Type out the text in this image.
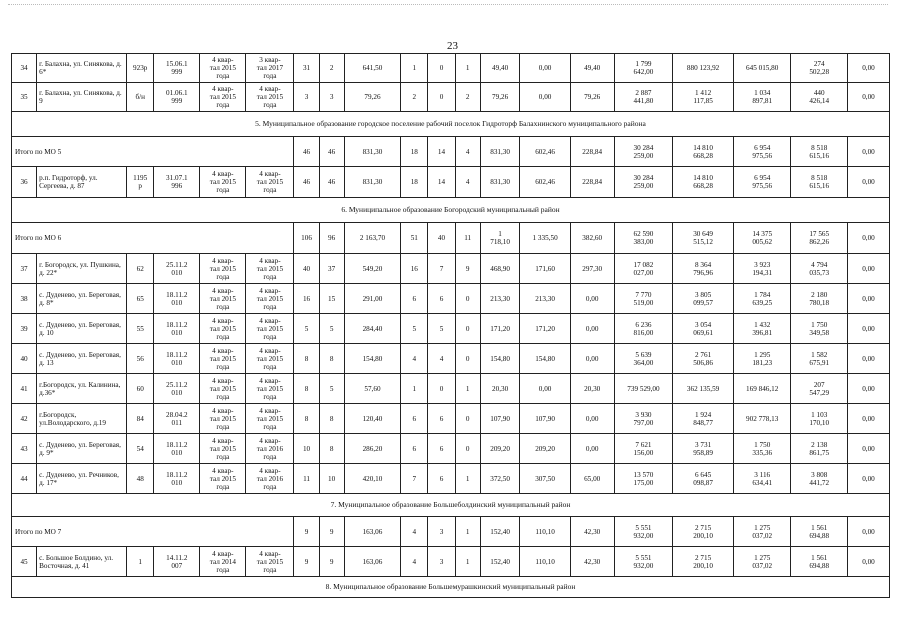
23
34	г. Балахна, ул. Синякова, д. 6*	923р	15.06.1
999	4 квар-
тал 2015
года	3 квар-
тал 2017
года	31	2	641,50	1	0	1	49,40	0,00	49,40	1 799
642,00	880 123,92	645 015,80	274
502,28	0,00
35	г. Балахна, ул. Синякова, д. 9	б/н	01.06.1
999	4 квар-
тал 2015
года	4 квар-
тал 2015
года	3	3	79,26	2	0	2	79,26	0,00	79,26	2 887
441,80	1 412
117,85	1 034
897,81	440
426,14	0,00
5. Муниципальное образование городское поселение рабочий поселок Гидроторф Балахнинского муниципального района																			
Итого по МО 5						46	46	831,30	18	14	4	831,30	602,46	228,84	30 284
259,00	14 810
668,28	6 954
975,56	8 518
615,16	0,00
36	р.п. Гидроторф, ул. Сергеева, д. 87	1195
р	31.07.1
996	4 квар-
тал 2015
года	4 квар-
тал 2015
года	46	46	831,30	18	14	4	831,30	602,46	228,84	30 284
259,00	14 810
668,28	6 954
975,56	8 518
615,16	0,00
6. Муниципальное образование Богородский муниципальный район																			
Итого по МО 6						106	96	2 163,70	51	40	11	1
718,10	1 335,50	382,60	62 590
383,00	30 649
515,12	14 375
005,62	17 565
862,26	0,00
37	г. Богородск, ул. Пушкина, д. 22*	62	25.11.2
010	4 квар-
тал 2015
года	4 квар-
тал 2015
года	40	37	549,20	16	7	9	468,90	171,60	297,30	17 082
027,00	8 364
796,96	3 923
194,31	4 794
035,73	0,00
38	с. Дуденево, ул. Береговая, д. 8*	65	18.11.2
010	4 квар-
тал 2015
года	4 квар-
тал 2015
года	16	15	291,00	6	6	0	213,30	213,30	0,00	7 770
519,00	3 805
099,57	1 784
639,25	2 180
780,18	0,00
39	с. Дуденево, ул. Береговая, д. 10	55	18.11.2
010	4 квар-
тал 2015
года	4 квар-
тал 2015
года	5	5	284,40	5	5	0	171,20	171,20	0,00	6 236
816,00	3 054
069,61	1 432
396,81	1 750
349,58	0,00
40	с. Дуденево, ул. Береговая, д. 13	56	18.11.2
010	4 квар-
тал 2015
года	4 квар-
тал 2015
года	8	8	154,80	4	4	0	154,80	154,80	0,00	5 639
364,00	2 761
506,86	1 295
181,23	1 582
675,91	0,00
41	г.Богородск, ул. Калинина, д.36*	60	25.11.2
010	4 квар-
тал 2015
года	4 квар-
тал 2015
года	8	5	57,60	1	0	1	20,30	0,00	20,30	739 529,00	362 135,59	169 846,12	207
547,29	0,00
42	г.Богородск, ул.Володарского, д.19	84	28.04.2
011	4 квар-
тал 2015
года	4 квар-
тал 2015
года	8	8	120,40	6	6	0	107,90	107,90	0,00	3 930
797,00	1 924
848,77	902 778,13	1 103
170,10	0,00
43	с. Дуденево, ул. Береговая, д. 9*	54	18.11.2
010	4 квар-
тал 2015
года	4 квар-
тал 2016
года	10	8	286,20	6	6	0	209,20	209,20	0,00	7 621
156,00	3 731
958,89	1 750
335,36	2 138
861,75	0,00
44	с. Дуденево, ул. Речников, д. 17*	48	18.11.2
010	4 квар-
тал 2015
года	4 квар-
тал 2016
года	11	10	420,10	7	6	1	372,50	307,50	65,00	13 570
175,00	6 645
098,87	3 116
634,41	3 808
441,72	0,00
7. Муниципальное образование Большеболдинский муниципальный район																			
Итого по МО 7						9	9	163,06	4	3	1	152,40	110,10	42,30	5 551
932,00	2 715
200,10	1 275
037,02	1 561
694,88	0,00
45	с. Большое Болдино, ул. Восточная, д. 41	1	14.11.2
007	4 квар-
тал 2014
года	4 квар-
тал 2015
года	9	9	163,06	4	3	1	152,40	110,10	42,30	5 551
932,00	2 715
200,10	1 275
037,02	1 561
694,88	0,00
8. Муниципальное образование Большемурашкинский муниципальный район																			
